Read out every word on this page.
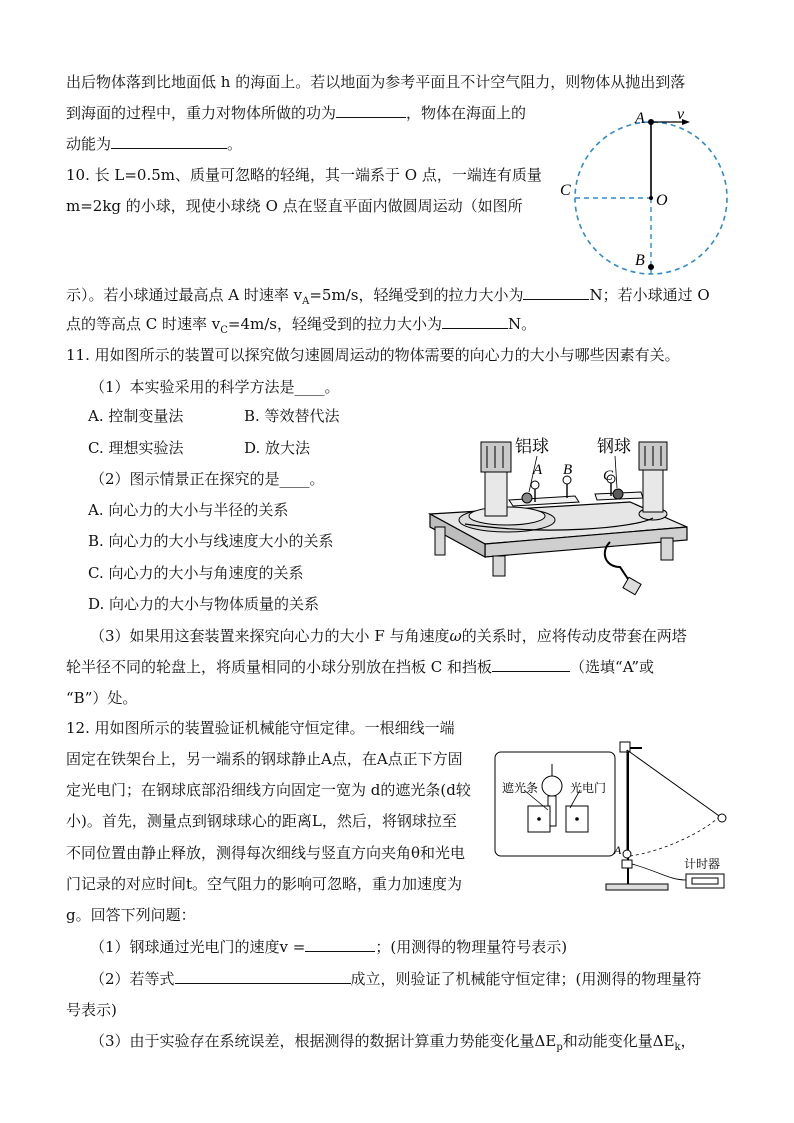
出后物体落到比地面低 h 的海面上。若以地面为参考平面且不计空气阻力，则物体从抛出到落
到海面的过程中，重力对物体所做的功为	，物体在海面上的
动能为	。
10. 长 L=0.5m、质量可忽略的轻绳，其一端系于 O 点，一端连有质量
m=2kg 的小球，现使小球绕 O 点在竖直平面内做圆周运动（如图所
示）。若小球通过最高点 A 时速率 $v_A=5m/s$，轻绳受到的拉力大小为	N；若小球通过 O
点的等高点 C 时速率 $v_C=4m/s$，轻绳受到的拉力大小为	N。
A v
C
O
B
11. 用如图所示的装置可以探究做匀速圆周运动的物体需要的向心力的大小与哪些因素有关。
（1）本实验采用的科学方法是____。
A. 控制变量法	B. 等效替代法
C. 理想实验法	D. 放大法
（2）图示情景正在探究的是____。
A. 向心力的大小与半径的关系
B. 向心力的大小与线速度大小的关系
C. 向心力的大小与角速度的关系
D. 向心力的大小与物体质量的关系
（3）如果用这套装置来探究向心力的大小 F 与角速度ω的关系时，应将传动皮带套在两塔
轮半径不同的轮盘上，将质量相同的小球分别放在挡板 C 和挡板	（选填“A”或
“B”）处。
铝球	钢球
A B C
12. 用如图所示的装置验证机械能守恒定律。一根细线一端
固定在铁架台上，另一端系的钢球静止A点，在A点正下方固
定光电门；在钢球底部沿细线方向固定一宽为 d的遮光条(d较
小)。首先，测量点到钢球球心的距离L，然后，将钢球拉至
不同位置由静止释放，测得每次细线与竖直方向夹角θ和光电
门记录的对应时间t。空气阻力的影响可忽略，重力加速度为
g。回答下列问题：
（1）钢球通过光电门的速度v =	；(用测得的物理量符号表示)
（2）若等式	成立，则验证了机械能守恒定律；(用测得的物理量符
号表示)
（3）由于实验存在系统误差，根据测得的数据计算重力势能变化量$\Delta E_p$和动能变化量$\Delta E_k$，
遮光条	光电门
A
计时器
